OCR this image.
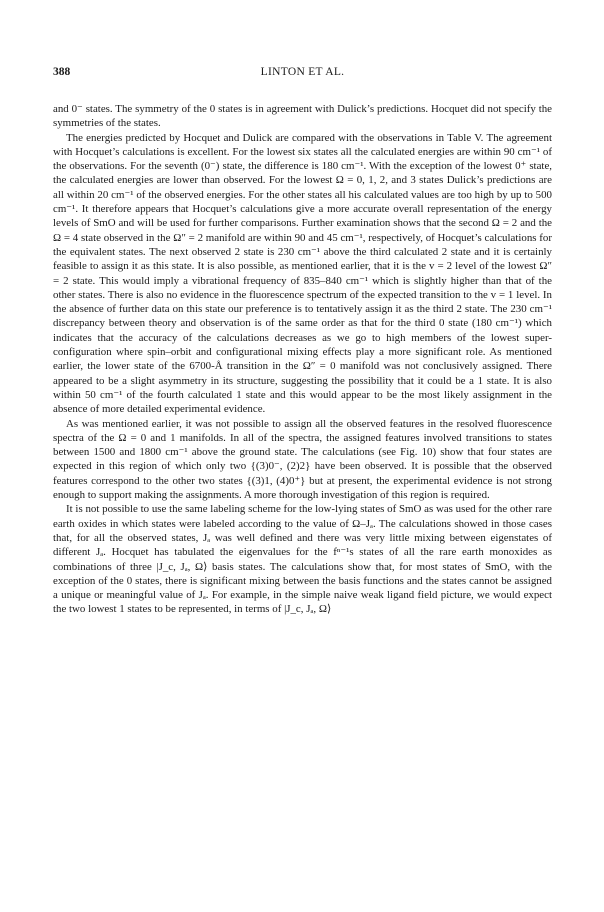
388	LINTON ET AL.

and 0⁻ states. The symmetry of the 0 states is in agreement with Dulick’s predictions. Hocquet did not specify the symmetries of the states.

The energies predicted by Hocquet and Dulick are compared with the observations in Table V. The agreement with Hocquet’s calculations is excellent. For the lowest six states all the calculated energies are within 90 cm⁻¹ of the observations. For the seventh (0⁻) state, the difference is 180 cm⁻¹. With the exception of the lowest 0⁺ state, the calculated energies are lower than observed. For the lowest Ω = 0, 1, 2, and 3 states Dulick’s predictions are all within 20 cm⁻¹ of the observed energies. For the other states all his calculated values are too high by up to 500 cm⁻¹. It therefore appears that Hocquet’s calculations give a more accurate overall representation of the energy levels of SmO and will be used for further comparisons. Further examination shows that the second Ω = 2 and the Ω = 4 state observed in the Ω″ = 2 manifold are within 90 and 45 cm⁻¹, respectively, of Hocquet’s calculations for the equivalent states. The next observed 2 state is 230 cm⁻¹ above the third calculated 2 state and it is certainly feasible to assign it as this state. It is also possible, as mentioned earlier, that it is the v = 2 level of the lowest Ω″ = 2 state. This would imply a vibrational frequency of 835–840 cm⁻¹ which is slightly higher than that of the other states. There is also no evidence in the fluorescence spectrum of the expected transition to the v = 1 level. In the absence of further data on this state our preference is to tentatively assign it as the third 2 state. The 230 cm⁻¹ discrepancy between theory and observation is of the same order as that for the third 0 state (180 cm⁻¹) which indicates that the accuracy of the calculations decreases as we go to high members of the lowest super-configuration where spin–orbit and configurational mixing effects play a more significant role. As mentioned earlier, the lower state of the 6700-Å transition in the Ω″ = 0 manifold was not conclusively assigned. There appeared to be a slight asymmetry in its structure, suggesting the possibility that it could be a 1 state. It is also within 50 cm⁻¹ of the fourth calculated 1 state and this would appear to be the most likely assignment in the absence of more detailed experimental evidence.

As was mentioned earlier, it was not possible to assign all the observed features in the resolved fluorescence spectra of the Ω = 0 and 1 manifolds. In all of the spectra, the assigned features involved transitions to states between 1500 and 1800 cm⁻¹ above the ground state. The calculations (see Fig. 10) show that four states are expected in this region of which only two {(3)0⁻, (2)2} have been observed. It is possible that the observed features correspond to the other two states {(3)1, (4)0⁺} but at present, the experimental evidence is not strong enough to support making the assignments. A more thorough investigation of this region is required.

It is not possible to use the same labeling scheme for the low-lying states of SmO as was used for the other rare earth oxides in which states were labeled according to the value of Ω–Jₐ. The calculations showed in those cases that, for all the observed states, Jₐ was well defined and there was very little mixing between eigenstates of different Jₐ. Hocquet has tabulated the eigenvalues for the fⁿ⁻¹s states of all the rare earth monoxides as combinations of three |J_c, Jₐ, Ω⟩ basis states. The calculations show that, for most states of SmO, with the exception of the 0 states, there is significant mixing between the basis functions and the states cannot be assigned a unique or meaningful value of Jₐ. For example, in the simple naive weak ligand field picture, we would expect the two lowest 1 states to be represented, in terms of |J_c, Jₐ, Ω⟩
